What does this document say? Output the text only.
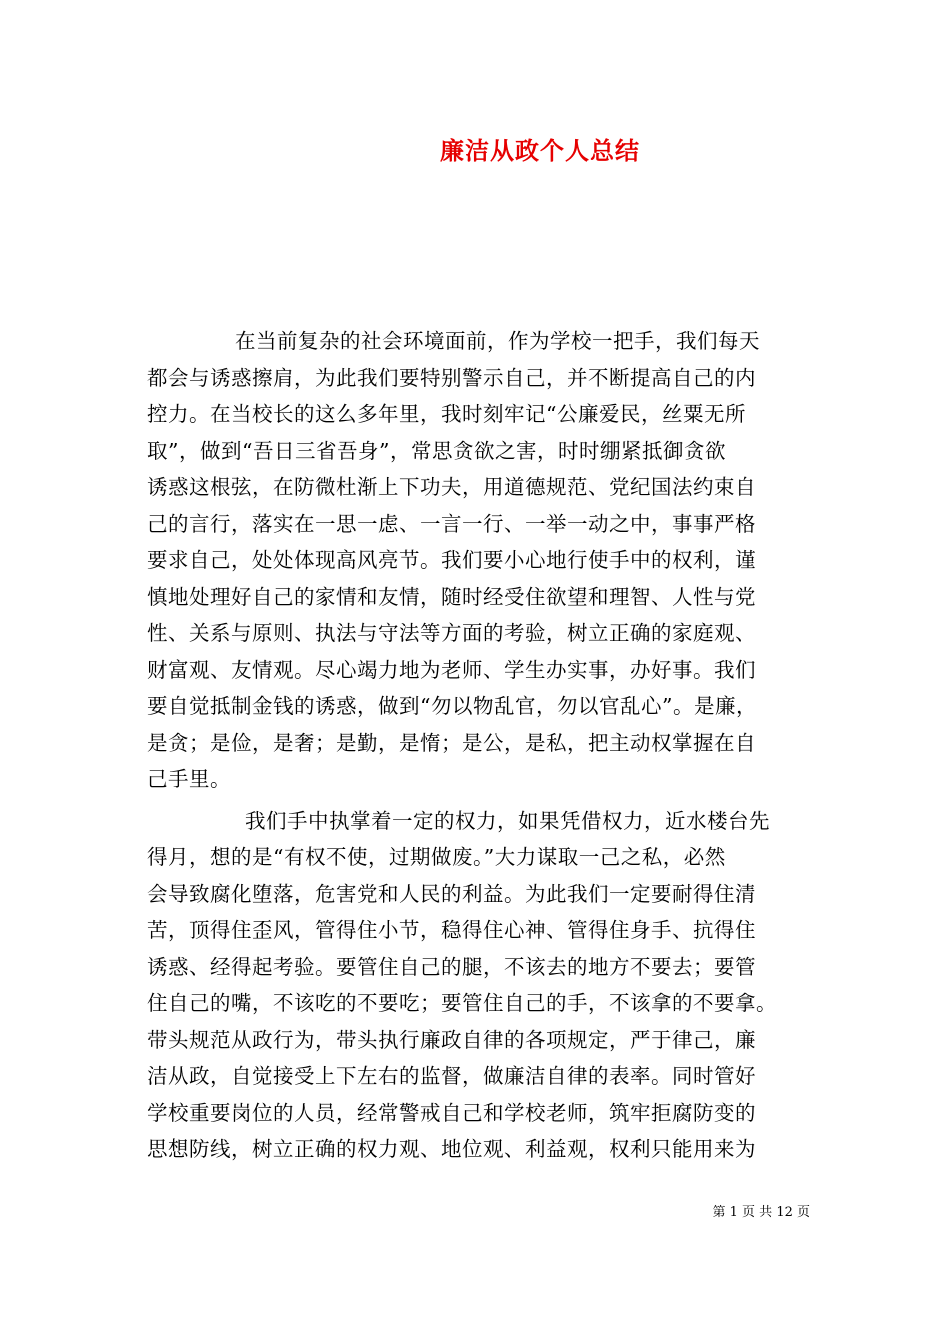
廉洁从政个人总结
在当前复杂的社会环境面前，作为学校一把手，我们每天
都会与诱惑擦肩，为此我们要特别警示自己，并不断提高自己的内
控力。在当校长的这么多年里，我时刻牢记“公廉爱民，丝粟无所
取”，做到“吾日三省吾身”，常思贪欲之害，时时绷紧抵御贪欲
诱惑这根弦，在防微杜渐上下功夫，用道德规范、党纪国法约束自
己的言行，落实在一思一虑、一言一行、一举一动之中，事事严格
要求自己，处处体现高风亮节。我们要小心地行使手中的权利，谨
慎地处理好自己的家情和友情，随时经受住欲望和理智、人性与党
性、关系与原则、执法与守法等方面的考验，树立正确的家庭观、
财富观、友情观。尽心竭力地为老师、学生办实事，办好事。我们
要自觉抵制金钱的诱惑，做到“勿以物乱官，勿以官乱心”。是廉，
是贪；是俭，是奢；是勤，是惰；是公，是私，把主动权掌握在自
己手里。
我们手中执掌着一定的权力，如果凭借权力，近水楼台先
得月，想的是“有权不使，过期做废。”大力谋取一己之私，必然
会导致腐化堕落，危害党和人民的利益。为此我们一定要耐得住清
苦，顶得住歪风，管得住小节，稳得住心神、管得住身手、抗得住
诱惑、经得起考验。要管住自己的腿，不该去的地方不要去；要管
住自己的嘴，不该吃的不要吃；要管住自己的手，不该拿的不要拿。
带头规范从政行为，带头执行廉政自律的各项规定，严于律己，廉
洁从政，自觉接受上下左右的监督，做廉洁自律的表率。同时管好
学校重要岗位的人员，经常警戒自己和学校老师，筑牢拒腐防变的
思想防线，树立正确的权力观、地位观、利益观，权利只能用来为
第 1 页 共 12 页
